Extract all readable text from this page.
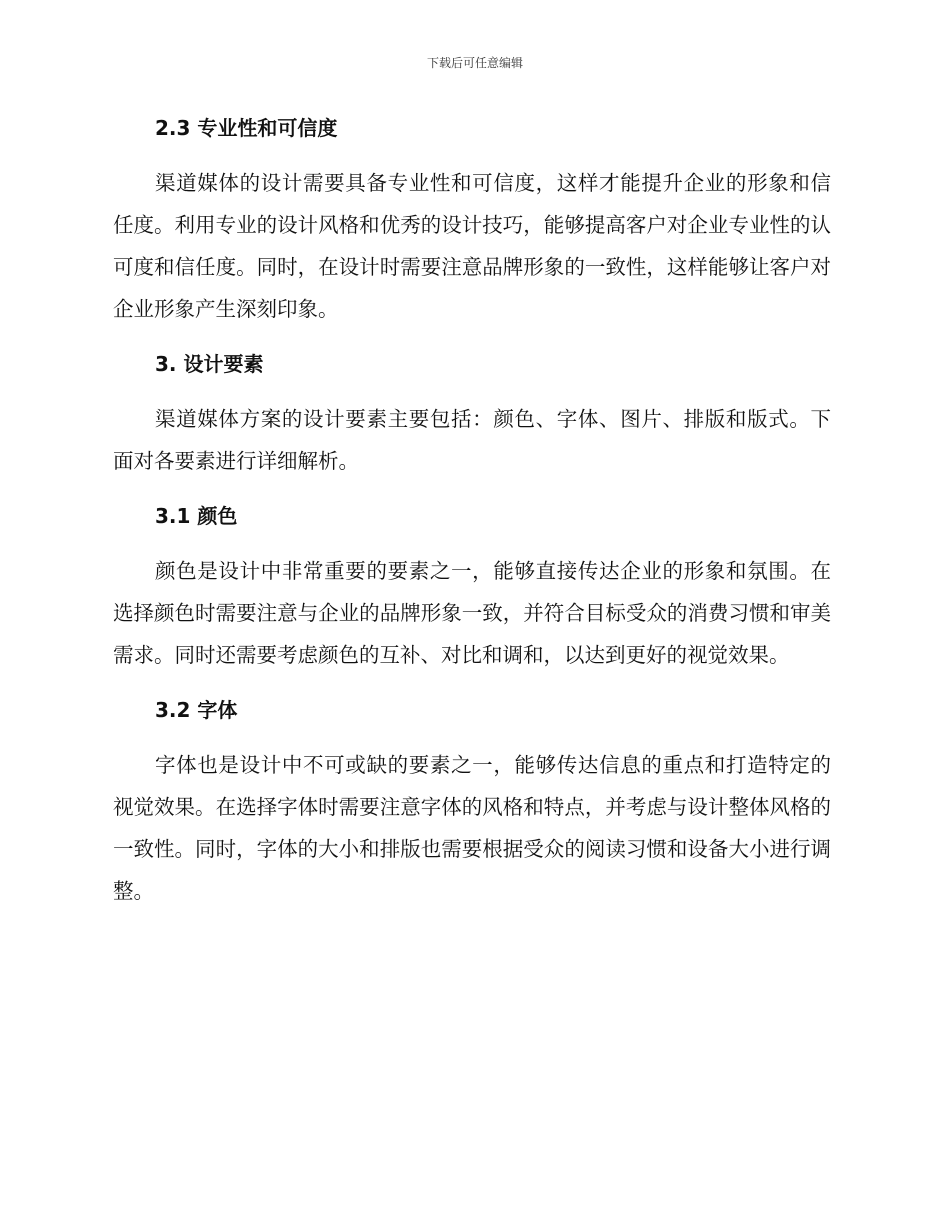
下载后可任意编辑
2.3 专业性和可信度

渠道媒体的设计需要具备专业性和可信度，这样才能提升企业的形象和信任度。利用专业的设计风格和优秀的设计技巧，能够提高客户对企业专业性的认可度和信任度。同时，在设计时需要注意品牌形象的一致性，这样能够让客户对企业形象产生深刻印象。

3. 设计要素

渠道媒体方案的设计要素主要包括：颜色、字体、图片、排版和版式。下面对各要素进行详细解析。

3.1 颜色

颜色是设计中非常重要的要素之一，能够直接传达企业的形象和氛围。在选择颜色时需要注意与企业的品牌形象一致，并符合目标受众的消费习惯和审美需求。同时还需要考虑颜色的互补、对比和调和，以达到更好的视觉效果。

3.2 字体

字体也是设计中不可或缺的要素之一，能够传达信息的重点和打造特定的视觉效果。在选择字体时需要注意字体的风格和特点，并考虑与设计整体风格的一致性。同时，字体的大小和排版也需要根据受众的阅读习惯和设备大小进行调整。
